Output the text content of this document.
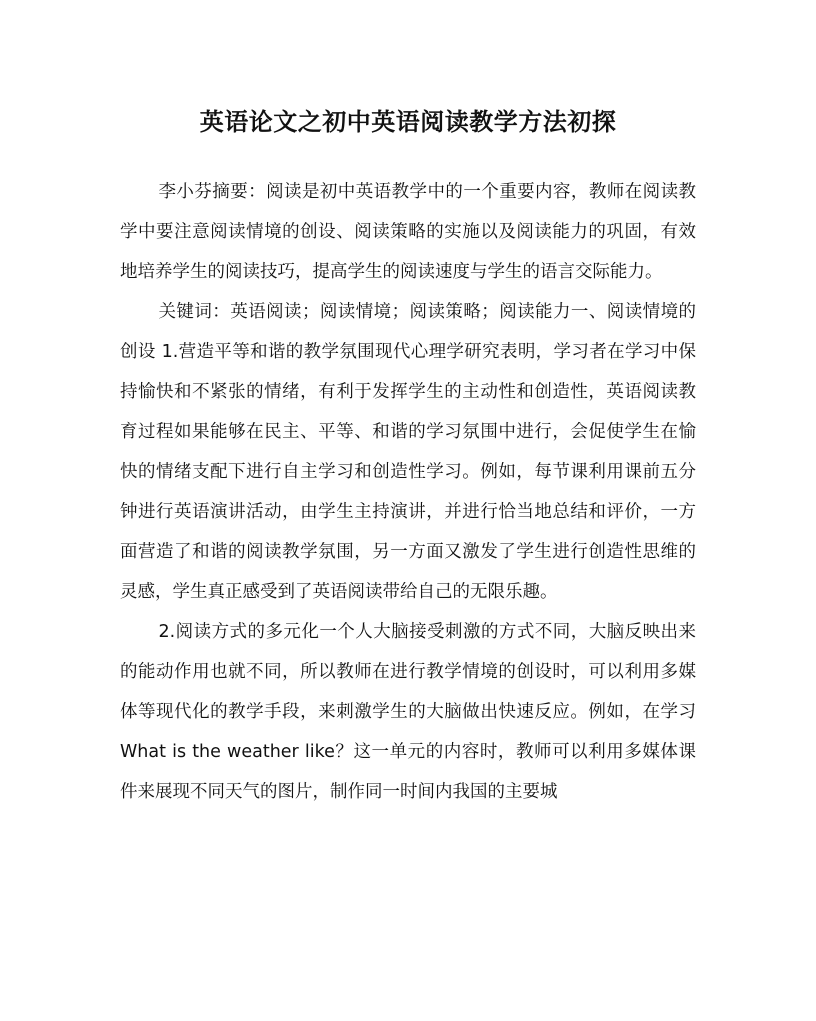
英语论文之初中英语阅读教学方法初探

李小芬摘要：阅读是初中英语教学中的一个重要内容，教师在阅读教学中要注意阅读情境的创设、阅读策略的实施以及阅读能力的巩固，有效地培养学生的阅读技巧，提高学生的阅读速度与学生的语言交际能力。

关键词：英语阅读；阅读情境；阅读策略；阅读能力一、阅读情境的创设 1.营造平等和谐的教学氛围现代心理学研究表明，学习者在学习中保持愉快和不紧张的情绪，有利于发挥学生的主动性和创造性，英语阅读教育过程如果能够在民主、平等、和谐的学习氛围中进行，会促使学生在愉快的情绪支配下进行自主学习和创造性学习。例如，每节课利用课前五分钟进行英语演讲活动，由学生主持演讲，并进行恰当地总结和评价，一方面营造了和谐的阅读教学氛围，另一方面又激发了学生进行创造性思维的灵感，学生真正感受到了英语阅读带给自己的无限乐趣。

2.阅读方式的多元化一个人大脑接受刺激的方式不同，大脑反映出来的能动作用也就不同，所以教师在进行教学情境的创设时，可以利用多媒体等现代化的教学手段，来刺激学生的大脑做出快速反应。例如，在学习 What is the weather like？这一单元的内容时，教师可以利用多媒体课件来展现不同天气的图片，制作同一时间内我国的主要城
